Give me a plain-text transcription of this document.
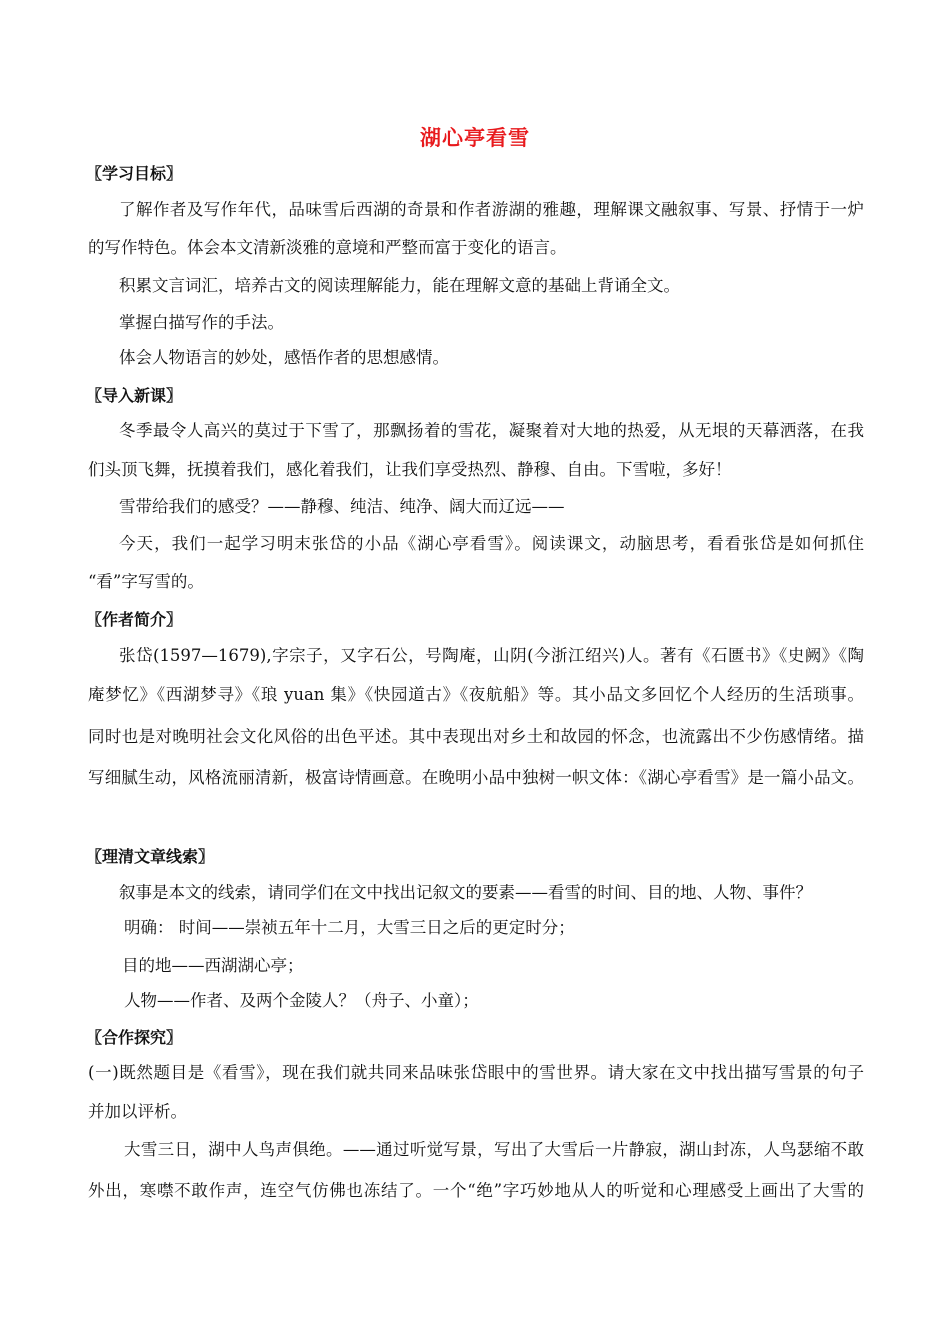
湖心亭看雪
〖学习目标〗
了解作者及写作年代，品味雪后西湖的奇景和作者游湖的雅趣，理解课文融叙事、写景、抒情于一炉
的写作特色。体会本文清新淡雅的意境和严整而富于变化的语言。
积累文言词汇，培养古文的阅读理解能力，能在理解文意的基础上背诵全文。
掌握白描写作的手法。
体会人物语言的妙处，感悟作者的思想感情。
〖导入新课〗
冬季最令人高兴的莫过于下雪了，那飘扬着的雪花，凝聚着对大地的热爱，从无垠的天幕洒落，在我
们头顶飞舞，抚摸着我们，感化着我们，让我们享受热烈、静穆、自由。下雪啦，多好！
雪带给我们的感受？——静穆、纯洁、纯净、阔大而辽远——
今天，我们一起学习明末张岱的小品《湖心亭看雪》。阅读课文，动脑思考，看看张岱是如何抓住
“看”字写雪的。
〖作者简介〗
张岱(1597—1679),字宗子，又字石公，号陶庵，山阴(今浙江绍兴)人。著有《石匮书》《史阙》《陶
庵梦忆》《西湖梦寻》《琅 yuan 集》《快园道古》《夜航船》等。其小品文多回忆个人经历的生活琐事。
同时也是对晚明社会文化风俗的出色平述。其中表现出对乡土和故园的怀念，也流露出不少伤感情绪。描
写细腻生动，风格流丽清新，极富诗情画意。在晚明小品中独树一帜文体：《湖心亭看雪》是一篇小品文。
〖理清文章线索〗
叙事是本文的线索，请同学们在文中找出记叙文的要素——看雪的时间、目的地、人物、事件？
明确： 时间——崇祯五年十二月，大雪三日之后的更定时分；
目的地——西湖湖心亭；
人物——作者、及两个金陵人？（舟子、小童）；
〖合作探究〗
(一)既然题目是《看雪》，现在我们就共同来品味张岱眼中的雪世界。请大家在文中找出描写雪景的句子
并加以评析。
大雪三日，湖中人鸟声俱绝。——通过听觉写景，写出了大雪后一片静寂，湖山封冻，人鸟瑟缩不敢
外出，寒噤不敢作声，连空气仿佛也冻结了。一个“绝”字巧妙地从人的听觉和心理感受上画出了大雪的
